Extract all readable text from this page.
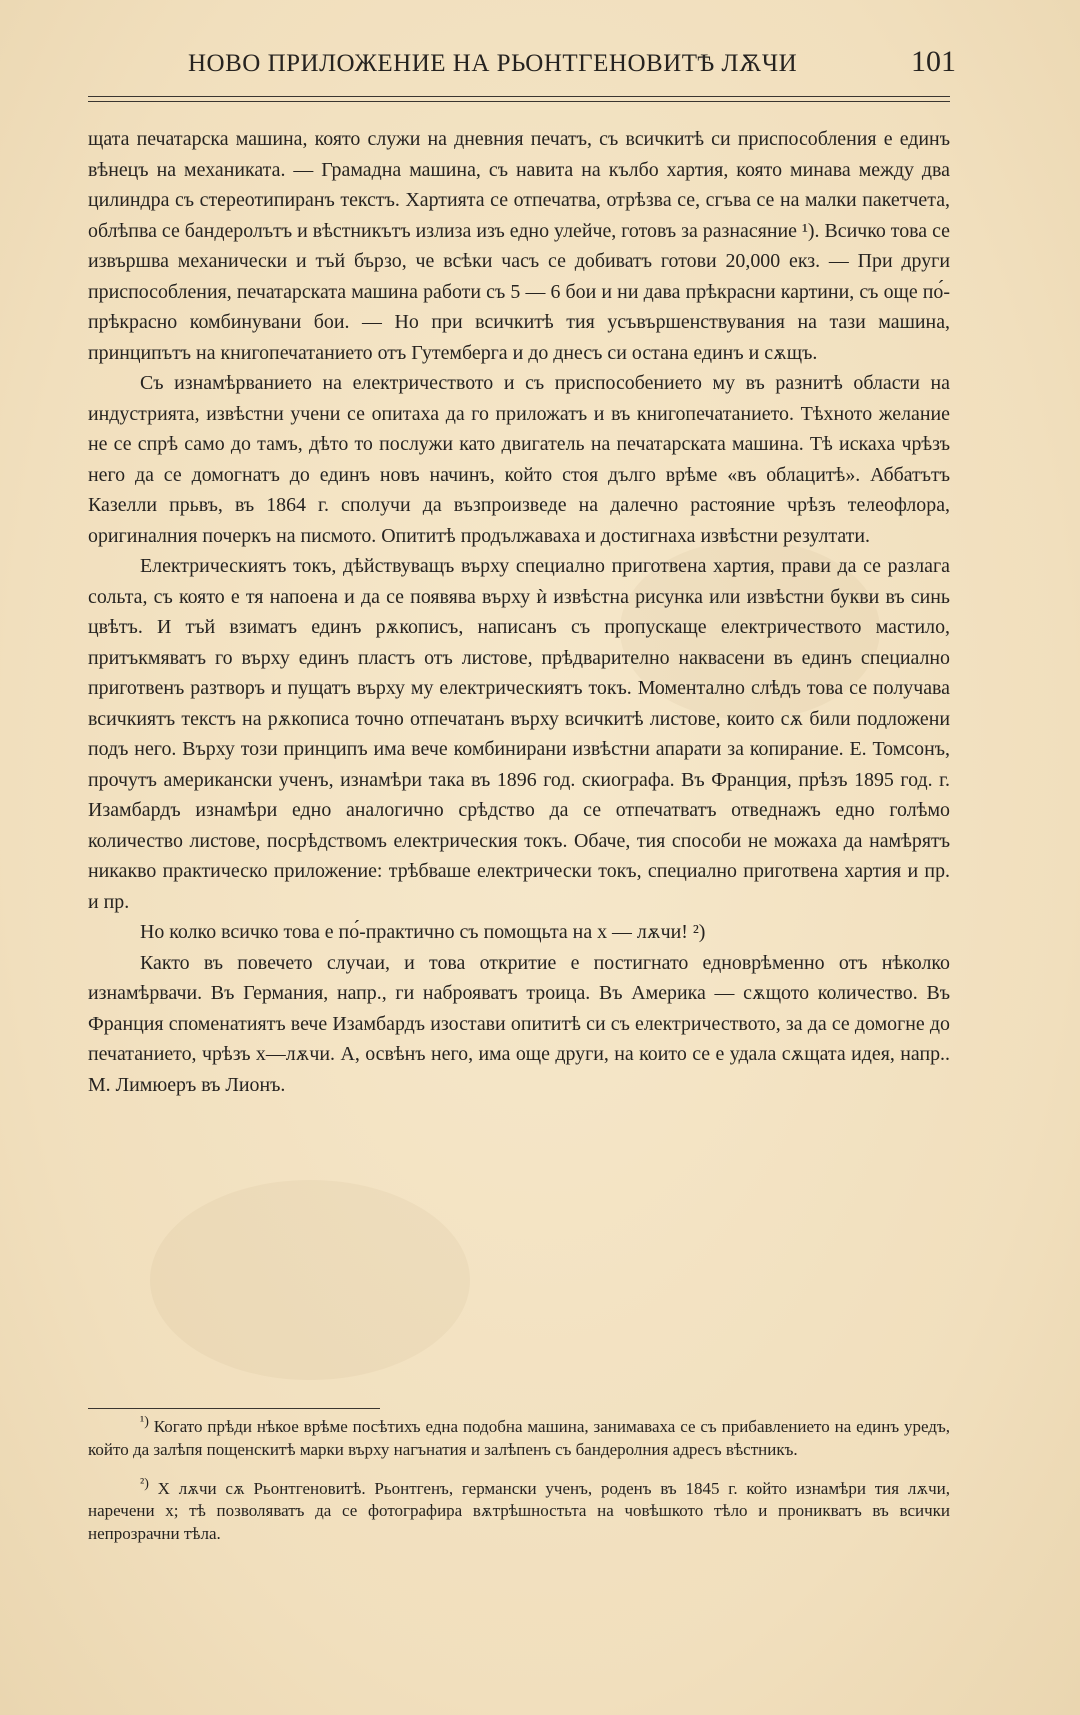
НОВО ПРИЛОЖЕНИЕ НА РЬОНТГЕНОВИТѢ ЛѪЧИ	101

щата печатарска машина, която служи на дневния печатъ, съ всичкитѣ си приспособления е единъ вѣнецъ на механиката. — Грамадна машина, съ навита на кълбо хартия, която минава между два цилиндра съ стереотипиранъ текстъ. Хартията се отпечатва, отрѣзва се, сгъва се на малки пакетчета, облѣпва се бандеролътъ и вѣстникътъ излиза изъ едно улейче, готовъ за разнасяние ¹). Всичко това се извършва механически и тъй бързо, че всѣки часъ се добиватъ готови 20,000 екз. — При други приспособления, печатарската машина работи съ 5 — 6 бои и ни дава прѣкрасни картини, съ още по́-прѣкрасно комбинувани бои. — Но при всичкитѣ тия усъвършенствувания на тази машина, принципътъ на книгопечатанието отъ Гутемберга и до днесъ си остана единъ и сѫщъ.

Съ изнамѣрванието на електричеството и съ приспособението му въ разнитѣ области на индустрията, извѣстни учени се опитаха да го приложатъ и въ книгопечатанието. Тѣхното желание не се спрѣ само до тамъ, дѣто то послужи като двигатель на печатарската машина. Тѣ искаха чрѣзъ него да се домогнатъ до единъ новъ начинъ, който стоя дълго врѣме «въ облацитѣ». Аббатътъ Казелли прьвъ, въ 1864 г. сполучи да възпроизведе на далечно растояние чрѣзъ телеофлора, оригиналния почеркъ на писмото. Опититѣ продължаваха и достигнаха извѣстни резултати.

Електрическиятъ токъ, дѣйствуващъ върху специално приготвена хартия, прави да се разлага сольта, съ която е тя напоена и да се появява върху ѝ извѣстна рисунка или извѣстни букви въ синь цвѣтъ. И тъй взиматъ единъ рѫкописъ, написанъ съ пропускаще електричеството мастило, притъкмяватъ го върху единъ пластъ отъ листове, прѣдварително накваcени въ единъ специално приготвенъ разтворъ и пущатъ върху му електрическиятъ токъ. Моментално слѣдъ това се получава всичкиятъ текстъ на рѫкописа точно отпечатанъ върху всичкитѣ листове, които сѫ били подложени подъ него. Върху този принципъ има вече комбинирани извѣстни апарати за копирание. Е. Томсонъ, прочутъ американски ученъ, изнамѣри така въ 1896 год. скиографа. Въ Франция, прѣзъ 1895 год. г. Изамбардъ изнамѣри едно аналогично срѣдство да се отпечатватъ отведнажъ едно голѣмо количество листове, посрѣдствомъ електрическия токъ. Обаче, тия способи не можаха да намѣрятъ никакво практическо приложение: трѣбваше електрически токъ, специално приготвена хартия и пр. и пр.

Но колко всичко това е по́-практично съ помощьта на x — лѫчи! ²)

Както въ повечето случаи, и това откритие е постигнато едноврѣменно отъ нѣколко изнамѣрвачи. Въ Германия, напр., ги наброяватъ троица. Въ Америка — сѫщото количество. Въ Франция споменатиятъ вече Изамбардъ изостави опититѣ си съ електричеството, за да се домогне до печатанието, чрѣзъ x—лѫчи. А, освѣнъ него, има още други, на които се е удала сѫщата идея, напр.. М. Лимюеръ въ Лионъ.

$^{^1)}$ Когато прѣди нѣкое врѣме посѣтихъ една подобна машина, занимаваха се съ прибавлението на единъ уредъ, който да залѣпя пощенскитѣ марки върху нагънатия и залѣпенъ съ бандеролния адресъ вѣстникъ.

$^{^2)}$ X лѫчи сѫ Рьонтгеновитѣ. Рьонтгенъ, германски ученъ, роденъ въ 1845 г. който изнамѣри тия лѫчи, наречени x; тѣ позволяватъ да се фотографира вѫтрѣшностьта на човѣшкото тѣло и проникватъ въ всички непрозрачни тѣла.
